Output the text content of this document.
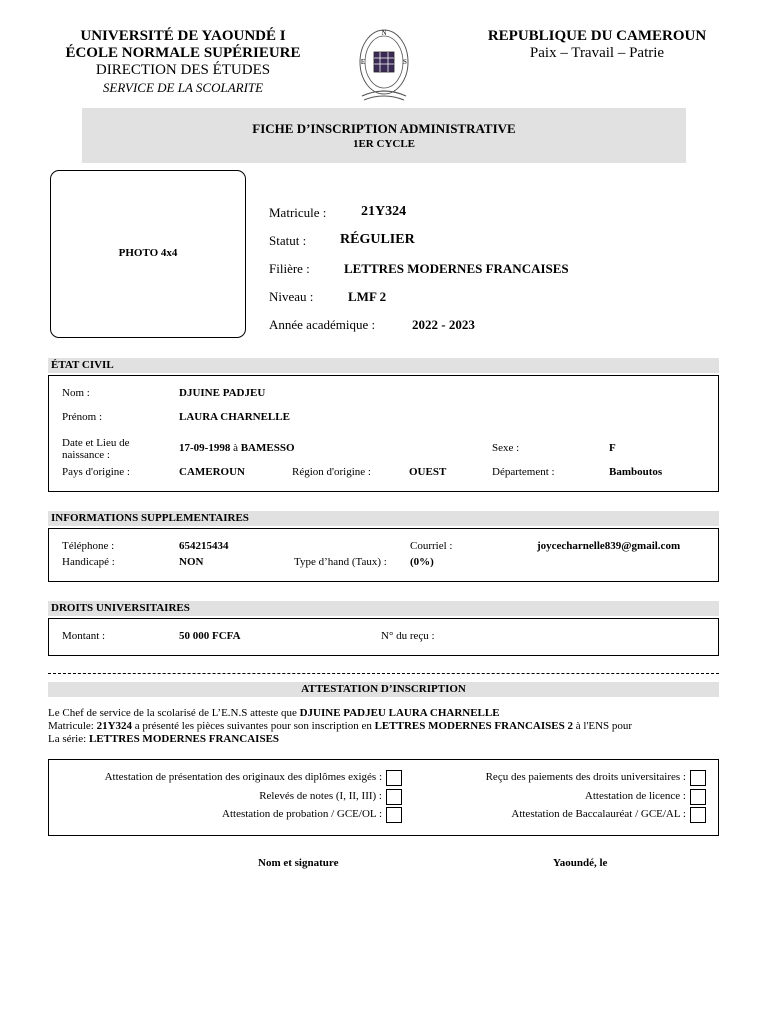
UNIVERSITÉ DE YAOUNDÉ I
ÉCOLE NORMALE SUPÉRIEURE
DIRECTION DES ÉTUDES
SERVICE DE LA SCOLARITE
N
E	S
REPUBLIQUE DU CAMEROUN
Paix – Travail – Patrie
FICHE D’INSCRIPTION ADMINISTRATIVE
1ER CYCLE
PHOTO 4x4
Matricule : 21Y324
Statut : RÉGULIER
Filière :	LETTRES MODERNES FRANCAISES
Niveau :	LMF 2
Année académique :	2022 - 2023
ÉTAT CIVIL
Nom :	DJUINE PADJEU
Prénom :	LAURA CHARNELLE
Date et Lieu de
naissance :
17-09-1998 à BAMESSO	Sexe :	F
Pays d'origine :	CAMEROUN	Région d'origine :	OUEST	Département :	Bamboutos
INFORMATIONS SUPPLEMENTAIRES
Téléphone :	654215434	Courriel :	joycecharnelle839@gmail.com
Handicapé :	NON	Type d’hand (Taux) : (0%)
DROITS UNIVERSITAIRES
Montant :	50 000 FCFA	N° du reçu :
ATTESTATION D’INSCRIPTION
Le Chef de service de la scolarisé de L’E.N.S atteste que DJUINE PADJEU LAURA CHARNELLE
Matricule: 21Y324 a présenté les pièces suivantes pour son inscription en LETTRES MODERNES FRANCAISES 2 à l'ENS pour
La série: LETTRES MODERNES FRANCAISES
Attestation de présentation des originaux des diplômes exigés :
Relevés de notes (I, II, III) :
Attestation de probation / GCE/OL :
Reçu des paiements des droits universitaires :
Attestation de licence :
Attestation de Baccalauréat / GCE/AL :
Nom et signature	Yaoundé, le
